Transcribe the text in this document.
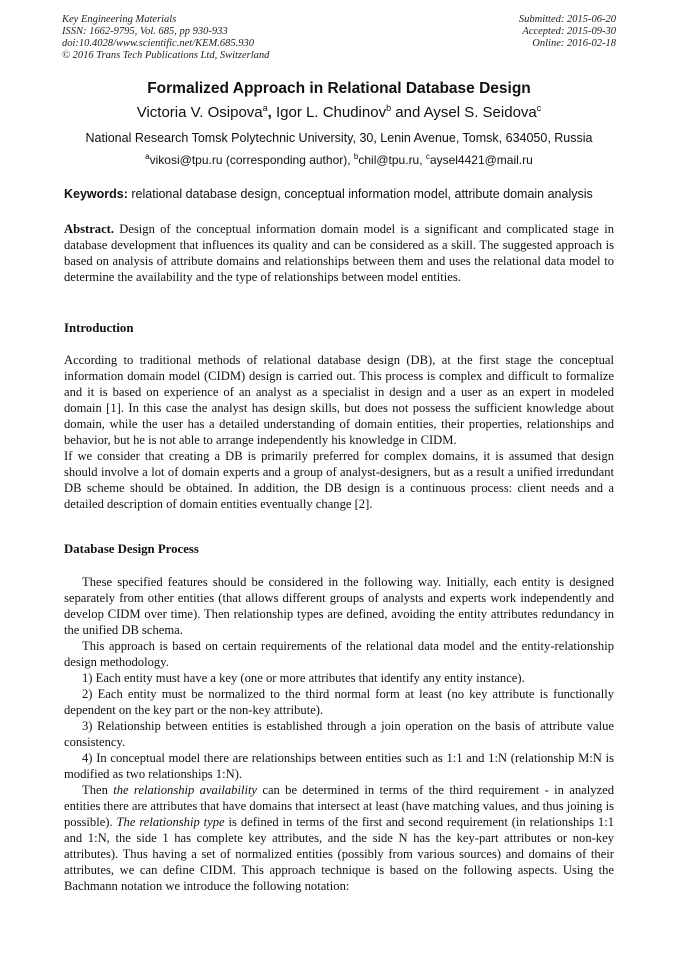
Key Engineering Materials
ISSN: 1662-9795, Vol. 685, pp 930-933
doi:10.4028/www.scientific.net/KEM.685.930
© 2016 Trans Tech Publications Ltd, Switzerland
Submitted: 2015-06-20
Accepted: 2015-09-30
Online: 2016-02-18
Formalized Approach in Relational Database Design
Victoria V. Osipova$^a$, Igor L. Chudinov$^b$ and Aysel S. Seidova$^c$
National Research Tomsk Polytechnic University, 30, Lenin Avenue, Tomsk, 634050, Russia
$^a$vikosi@tpu.ru (corresponding author), $^b$chil@tpu.ru, $^c$aysel4421@mail.ru
Keywords: relational database design, conceptual information model, attribute domain analysis

Abstract. Design of the conceptual information domain model is a significant and complicated stage in database development that influences its quality and can be considered as a skill. The suggested approach is based on analysis of attribute domains and relationships between them and uses the relational data model to determine the availability and the type of relationships between model entities.

Introduction

According to traditional methods of relational database design (DB), at the first stage the conceptual information domain model (CIDM) design is carried out. This process is complex and difficult to formalize and it is based on experience of an analyst as a specialist in design and a user as an expert in modeled domain [1]. In this case the analyst has design skills, but does not possess the sufficient knowledge about domain, while the user has a detailed understanding of domain entities, their properties, relationships and behavior, but he is not able to arrange independently his knowledge in CIDM.

If we consider that creating a DB is primarily preferred for complex domains, it is assumed that design should involve a lot of domain experts and a group of analyst-designers, but as a result a unified irredundant DB scheme should be obtained. In addition, the DB design is a continuous process: client needs and a detailed description of domain entities eventually change [2].

Database Design Process

These specified features should be considered in the following way. Initially, each entity is designed separately from other entities (that allows different groups of analysts and experts work independently and develop CIDM over time). Then relationship types are defined, avoiding the entity attributes redundancy in the unified DB schema.

This approach is based on certain requirements of the relational data model and the entity-relationship design methodology.

1) Each entity must have a key (one or more attributes that identify any entity instance).

2) Each entity must be normalized to the third normal form at least (no key attribute is functionally dependent on the key part or the non-key attribute).

3) Relationship between entities is established through a join operation on the basis of attribute value consistency.

4) In conceptual model there are relationships between entities such as 1:1 and 1:N (relationship M:N is modified as two relationships 1:N).

Then the relationship availability can be determined in terms of the third requirement - in analyzed entities there are attributes that have domains that intersect at least (have matching values, and thus joining is possible). The relationship type is defined in terms of the first and second requirement (in relationships 1:1 and 1:N, the side 1 has complete key attributes, and the side N has the key-part attributes or non-key attributes). Thus having a set of normalized entities (possibly from various sources) and domains of their attributes, we can define CIDM. This approach technique is based on the following aspects. Using the Bachmann notation we introduce the following notation:
